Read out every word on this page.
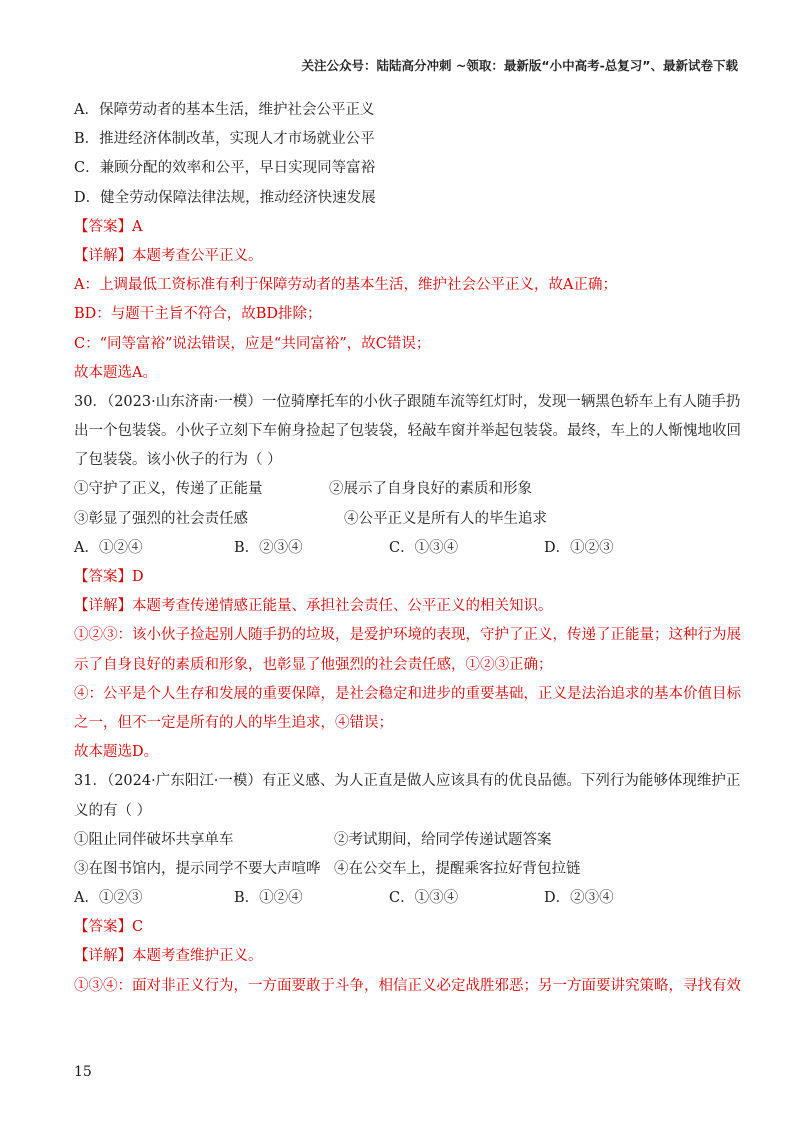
关注公众号：陆陆高分冲刺 ~领取：最新版“小中高考-总复习”、最新试卷下载
A．保障劳动者的基本生活，维护社会公平正义
B．推进经济体制改革，实现人才市场就业公平
C．兼顾分配的效率和公平，早日实现同等富裕
D．健全劳动保障法律法规，推动经济快速发展
【答案】A
【详解】本题考查公平正义。
A：上调最低工资标准有利于保障劳动者的基本生活，维护社会公平正义，故A正确；
BD：与题干主旨不符合，故BD排除；
C：“同等富裕”说法错误，应是“共同富裕”，故C错误；
故本题选A。
30．（2023·山东济南·一模）一位骑摩托车的小伙子跟随车流等红灯时，发现一辆黑色轿车上有人随手扔
出一个包装袋。小伙子立刻下车俯身捡起了包装袋，轻敲车窗并举起包装袋。最终，车上的人惭愧地收回
了包装袋。该小伙子的行为（ ）
①守护了正义，传递了正能量	②展示了自身良好的素质和形象
③彰显了强烈的社会责任感	④公平正义是所有人的毕生追求
A．①②④	B．②③④	C．①③④	D．①②③
【答案】D
【详解】本题考查传递情感正能量、承担社会责任、公平正义的相关知识。
①②③：该小伙子捡起别人随手扔的垃圾，是爱护环境的表现，守护了正义，传递了正能量；这种行为展
示了自身良好的素质和形象，也彰显了他强烈的社会责任感，①②③正确；
④：公平是个人生存和发展的重要保障，是社会稳定和进步的重要基础，正义是法治追求的基本价值目标
之一，但不一定是所有的人的毕生追求，④错误；
故本题选D。
31．（2024·广东阳江·一模）有正义感、为人正直是做人应该具有的优良品德。下列行为能够体现维护正
义的有（ ）
①阻止同伴破坏共享单车	②考试期间，给同学传递试题答案
③在图书馆内，提示同学不要大声喧哗 ④在公交车上，提醒乘客拉好背包拉链
A．①②③	B．①②④	C．①③④	D．②③④
【答案】C
【详解】本题考查维护正义。
①③④：面对非正义行为，一方面要敢于斗争，相信正义必定战胜邪恶；另一方面要讲究策略，寻找有效
15
